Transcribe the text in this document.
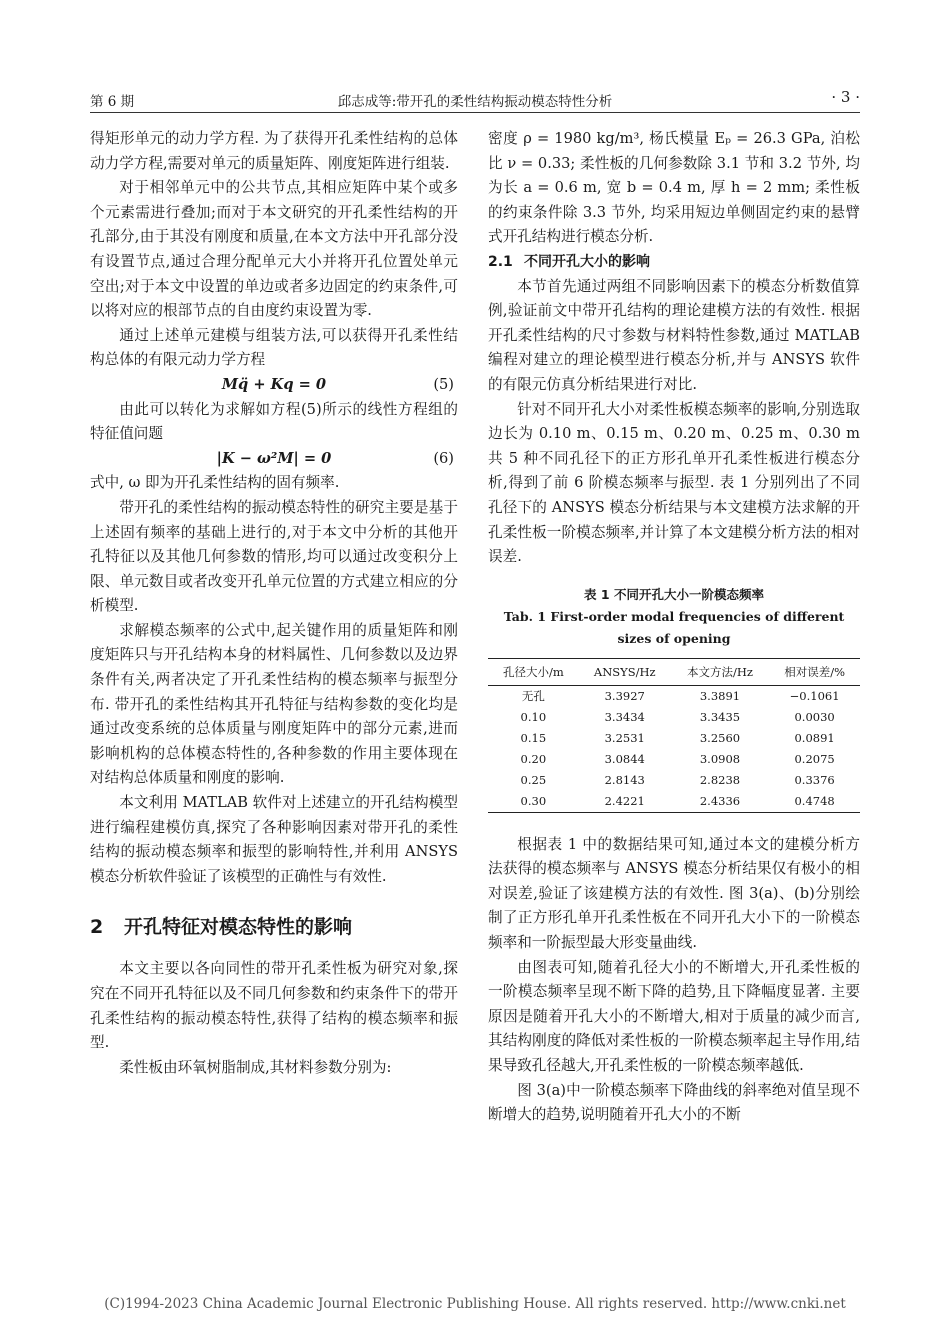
第 6 期	邱志成等:带开孔的柔性结构振动模态特性分析	· 3 ·

得矩形单元的动力学方程. 为了获得开孔柔性结构的总体动力学方程,需要对单元的质量矩阵、刚度矩阵进行组装.

对于相邻单元中的公共节点,其相应矩阵中某个或多个元素需进行叠加;而对于本文研究的开孔柔性结构的开孔部分,由于其没有刚度和质量,在本文方法中开孔部分没有设置节点,通过合理分配单元大小并将开孔位置处单元空出;对于本文中设置的单边或者多边固定的约束条件,可以将对应的根部节点的自由度约束设置为零.

通过上述单元建模与组装方法,可以获得开孔柔性结构总体的有限元动力学方程

Mq̈ + Kq = 0	(5)

由此可以转化为求解如方程(5)所示的线性方程组的特征值问题

|K − ω²M| = 0	(6)

式中, ω 即为开孔柔性结构的固有频率.

带开孔的柔性结构的振动模态特性的研究主要是基于上述固有频率的基础上进行的,对于本文中分析的其他开孔特征以及其他几何参数的情形,均可以通过改变积分上限、单元数目或者改变开孔单元位置的方式建立相应的分析模型.

求解模态频率的公式中,起关键作用的质量矩阵和刚度矩阵只与开孔结构本身的材料属性、几何参数以及边界条件有关,两者决定了开孔柔性结构的模态频率与振型分布. 带开孔的柔性结构其开孔特征与结构参数的变化均是通过改变系统的总体质量与刚度矩阵中的部分元素,进而影响机构的总体模态特性的,各种参数的作用主要体现在对结构总体质量和刚度的影响.

本文利用 MATLAB 软件对上述建立的开孔结构模型进行编程建模仿真,探究了各种影响因素对带开孔的柔性结构的振动模态频率和振型的影响特性,并利用 ANSYS 模态分析软件验证了该模型的正确性与有效性.

2 开孔特征对模态特性的影响

本文主要以各向同性的带开孔柔性板为研究对象,探究在不同开孔特征以及不同几何参数和约束条件下的带开孔柔性结构的振动模态特性,获得了结构的模态频率和振型.

柔性板由环氧树脂制成,其材料参数分别为:

密度 ρ = 1980 kg/m³, 杨氏模量 Eₚ = 26.3 GPa, 泊松比 ν = 0.33; 柔性板的几何参数除 3.1 节和 3.2 节外, 均为长 a = 0.6 m, 宽 b = 0.4 m, 厚 h = 2 mm; 柔性板的约束条件除 3.3 节外, 均采用短边单侧固定约束的悬臂式开孔结构进行模态分析.

2.1 不同开孔大小的影响

本节首先通过两组不同影响因素下的模态分析数值算例,验证前文中带开孔结构的理论建模方法的有效性. 根据开孔柔性结构的尺寸参数与材料特性参数,通过 MATLAB 编程对建立的理论模型进行模态分析,并与 ANSYS 软件的有限元仿真分析结果进行对比.

针对不同开孔大小对柔性板模态频率的影响,分别选取边长为 0.10 m、0.15 m、0.20 m、0.25 m、0.30 m 共 5 种不同孔径下的正方形孔单开孔柔性板进行模态分析,得到了前 6 阶模态频率与振型. 表 1 分别列出了不同孔径下的 ANSYS 模态分析结果与本文建模方法求解的开孔柔性板一阶模态频率,并计算了本文建模分析方法的相对误差.

表 1 不同开孔大小一阶模态频率
Tab. 1 First-order modal frequencies of different
sizes of opening
孔径大小/m	ANSYS/Hz	本文方法/Hz	相对误差/%
无孔	3.3927	3.3891	−0.1061
0.10	3.3434	3.3435	0.0030
0.15	3.2531	3.2560	0.0891
0.20	3.0844	3.0908	0.2075
0.25	2.8143	2.8238	0.3376
0.30	2.4221	2.4336	0.4748

根据表 1 中的数据结果可知,通过本文的建模分析方法获得的模态频率与 ANSYS 模态分析结果仅有极小的相对误差,验证了该建模方法的有效性. 图 3(a)、(b)分别绘制了正方形孔单开孔柔性板在不同开孔大小下的一阶模态频率和一阶振型最大形变量曲线.

由图表可知,随着孔径大小的不断增大,开孔柔性板的一阶模态频率呈现不断下降的趋势,且下降幅度显著. 主要原因是随着开孔大小的不断增大,相对于质量的减少而言,其结构刚度的降低对柔性板的一阶模态频率起主导作用,结果导致孔径越大,开孔柔性板的一阶模态频率越低.

图 3(a)中一阶模态频率下降曲线的斜率绝对值呈现不断增大的趋势,说明随着开孔大小的不断

(C)1994-2023 China Academic Journal Electronic Publishing House. All rights reserved. http://www.cnki.net
